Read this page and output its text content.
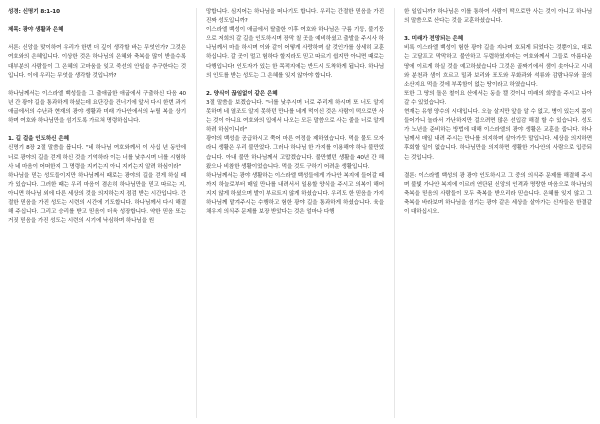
성경: 신명기 8:1-10

제목: 광야 생활과 은혜

서론: 신앙을 맞이하여 우리가 한번 더 깊이 생각할 바는 무엇인가? 그것은 여호와의 은혜입니다. 이상한 것은 하나님의 은혜와 축복을 많이 받을수록 대부분의 사람들이 그 은혜의 고마움을 잊고 죽선의 안일을 추구한다는 것입니다. 이에 우리는 무엇을 생각할 것입니까?

하나님께서는 이스라엘 백성들을 그 출애굽한 애굽에서 구출하신 다음 40년 간 광야 길을 통과하게 하셨는데 요단강을 건너기에 앞서 다시 한번 과거 애굽에서의 수난과 현재의 광야 생활과 미래 가나안에서의 누릴 복을 상기하며 여호와 하나님만을 섬기도록 가르쳐 명령하십니다.

1. 길 걸을 인도하신 은혜

신명기 8장 2절 말씀을 봅니다. "네 하나님 여호와께서 이 사십 년 동안에 너로 광야의 길을 걷게 하신 것을 기억하라 이는 너를 낮추시며 너를 시험하사 네 마음이 어떠한지 그 명령을 지키는지 아니 지키는지 알려 하심이라"

하나님을 믿는 성도들이지만 하나님께서 때로는 광야의 길을 걷게 하실 때가 있습니다. 그러한 때는 우리 마음이 겸손히 하나님만을 믿고 따르는 지, 아니면 하나님 외에 다른 세상의 것을 의지하는지 점검 받는 시간입니다. 간절한 믿음을 가진 성도는 시련의 시간에 기도합니다. 하나님께서 다시 해결해 주십니다. 그리고 승리를 받고 믿음이 더욱 성장합니다. 약한 믿음 또는 거짓 믿음을 가진 성도는 시련의 시기에 낙심하며 하나님을 원

망합니다. 심지어는 하나님을 떠나기도 합니다. 우리는 간절한 믿음을 가진 진짜 성도입니까?

이스라엘 백성이 애굽에서 탈출한 이후 여호와 하나님은 구름 기둥, 불기둥으로 저희의 갈 길을 인도하시며 장막 칠 곳을 예비하셨고 출발을 주시사 하나님께서 마을 하시며 이와 같이 어떻게 사랑하며 살 것인가를 상세히 교훈하십니다. 갈 곳이 멀고 험하다 할지라도 믿고 따르기 쉽지만 아니면 때로는 다행입니다! 인도자가 있는 한 목적지에는 반드시 도착하게 됩니다. 하나님의 인도를 받는 성도는 그 은혜를 잊지 않아야 합니다.

2. 양식이 끊임없이 같은 은혜

3절 말씀을 보겠습니다. "너를 낮추시며 너로 주리게 하시며 또 너도 알지 못하며 네 열조도 알지 못하던 만나를 네게 먹이신 것은 사람이 떡으로만 사는 것이 아니요 여호와의 입에서 나오는 모든 말씀으로 사는 줄을 너로 알게 하려 하심이니라"

광야의 백성을 공급하시고 쭉어 마른 여정을 제하였습니다. 먹을 물도 모자라니 생활은 우리 불만었다. 그러나 하나님 한 가지를 이용해야 하나 불만었습니다. 아내 불만 하나님께서 고맙겠습니다. 불만했던 생활을 40년 간 해왔으나 비참한 생활이었습니다. 먹을 것도 구하기 어려운 생활입니다.

하나님께서는 광야 생활하는 이스라엘 백성들에게 가나안 복지에 들어갈 때까지 하늘로부터 매일 만나를 내려서서 일용할 양식을 주시고 의복이 해어지지 않게 하셨으며 발이 부르트지 않게 하셨습니다. 우리도 한 믿음을 가지 하나님께 맡겨주시는 수행하고 험한 광야 길을 통과하게 하셨습니다. 육을 채우지 의식주 문제를 보장 받았다는 것은 얼마나 다행

한 일입니까? 하나님은 이를 통하여 사람이 떡으로만 사는 것이 아니고 하나님의 말씀으로 산다는 것을 교훈하셨습니다.

3. 미래가 전망되는 은혜

비록 이스라엘 백성이 험한 광야 길을 지나며 호되게 되었다는 것뿐이요, 대로는 고달프고 막막하고 불안하고 두렵하였지마는 여호와께서 그들로 아름다운 땅에 이르게 하실 것을 예고하셨습니다 그것은 골짜기에서 샘이 솟아나고 시내와 분천과 샘이 흐르고 밀과 보리와 포도와 무화과와 석류와 감람나무와 꿀의 소산지요 먹을 것에 부족함이 없는 땅이라고 하였습니다.

또한 그 땅의 돌은 철이요 산에서는 동을 캘 것이니 미래의 희망을 주시고 나아갈 수 있었습니다.

현재는 유형 양수의 시대입니다. 오늘 살지만 앞을 알 수 없고, 병이 있는지 몸이 들어가니 놀라서 가난하지만 걸으려면 많은 선입감 해결 할 수 있습니다. 성도가 노년을 준비하는 방법에 대해 이스라엘의 광야 생활은 교훈을 줍니다. 하나님께서 매일 내려 주시는 만나를 의지하며 살아가듯 말입니다. 세상을 의지하면 후회할 일이 없습니다. 하나님만을 의지하면 생활한 가나안의 사람으로 입증되는 것입니다.

결론: 이스라엘 백성의 광 광야 인도하시고 그 중의 의식주 문제를 해결해 주시며 불빛 가나안 복지에 이르러 연단된 신앙의 인격과 명랑한 마음으로 하나님의 축복을 믿음의 사람들이 모두 축복을 받으리라 믿습니다. 은혜를 잊지 않고 그 축복을 바라보며 하나님을 섬기는 광야 같은 세상을 살아가는 신자들은 한결같이 대하십시오.
